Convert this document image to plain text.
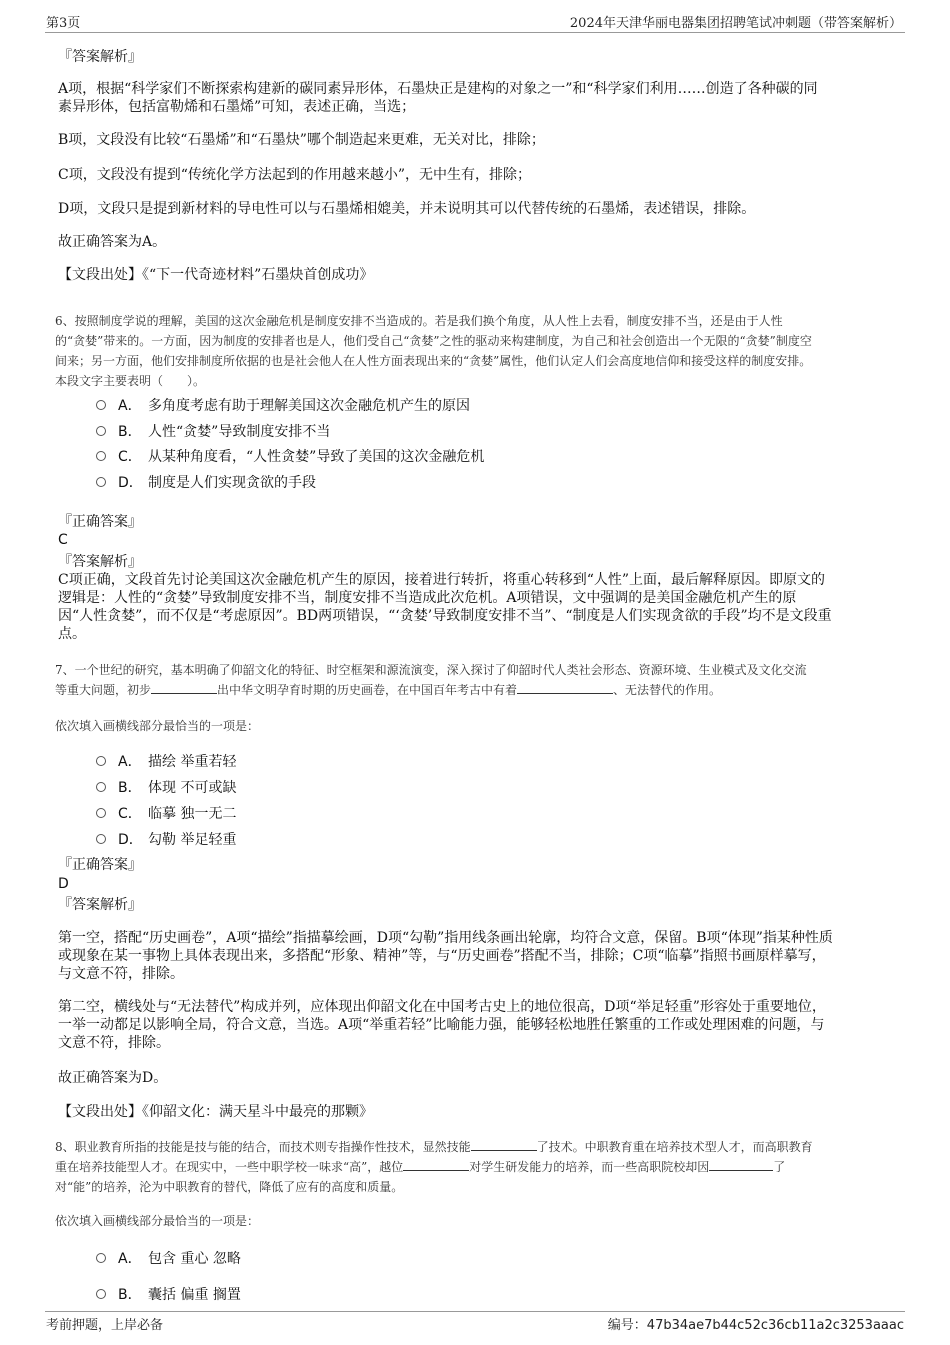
第3页	2024年天津华丽电器集团招聘笔试冲刺题（带答案解析）
『答案解析』
A项，根据“科学家们不断探索构建新的碳同素异形体，石墨炔正是建构的对象之一”和“科学家们利用……创造了各种碳的同
素异形体，包括富勒烯和石墨烯”可知，表述正确，当选；
B项，文段没有比较“石墨烯”和“石墨炔”哪个制造起来更难，无关对比，排除；
C项，文段没有提到“传统化学方法起到的作用越来越小”，无中生有，排除；
D项，文段只是提到新材料的导电性可以与石墨烯相媲美，并未说明其可以代替传统的石墨烯，表述错误，排除。
故正确答案为A。
【文段出处】《“下一代奇迹材料”石墨炔首创成功》
6、按照制度学说的理解，美国的这次金融危机是制度安排不当造成的。若是我们换个角度，从人性上去看，制度安排不当，还是由于人性
的“贪婪”带来的。一方面，因为制度的安排者也是人，他们受自己“贪婪”之性的驱动来构建制度，为自己和社会创造出一个无限的“贪婪”制度空
间来；另一方面，他们安排制度所依据的也是社会他人在人性方面表现出来的“贪婪”属性，他们认定人们会高度地信仰和接受这样的制度安排。
本段文字主要表明（　　）。
A． 多角度考虑有助于理解美国这次金融危机产生的原因
B． 人性“贪婪”导致制度安排不当
C． 从某种角度看，“人性贪婪”导致了美国的这次金融危机
D． 制度是人们实现贪欲的手段
『正确答案』
C
『答案解析』
C项正确，文段首先讨论美国这次金融危机产生的原因，接着进行转折，将重心转移到“人性”上面，最后解释原因。即原文的
逻辑是：人性的“贪婪”导致制度安排不当，制度安排不当造成此次危机。A项错误，文中强调的是美国金融危机产生的原
因“人性贪婪”，而不仅是“考虑原因”。BD两项错误，“‘贪婪’导致制度安排不当”、“制度是人们实现贪欲的手段”均不是文段重
点。
7、一个世纪的研究，基本明确了仰韶文化的特征、时空框架和源流演变，深入探讨了仰韶时代人类社会形态、资源环境、生业模式及文化交流
等重大问题，初步	出中华文明孕育时期的历史画卷，在中国百年考古中有着	、无法替代的作用。
依次填入画横线部分最恰当的一项是：
A． 描绘 举重若轻
B． 体现 不可或缺
C． 临摹 独一无二
D． 勾勒 举足轻重
『正确答案』
D
『答案解析』
第一空，搭配“历史画卷”，A项“描绘”指描摹绘画，D项“勾勒”指用线条画出轮廓，均符合文意，保留。B项“体现”指某种性质
或现象在某一事物上具体表现出来，多搭配“形象、精神”等，与“历史画卷”搭配不当，排除；C项“临摹”指照书画原样摹写，
与文意不符，排除。
第二空，横线处与“无法替代”构成并列，应体现出仰韶文化在中国考古史上的地位很高，D项“举足轻重”形容处于重要地位，
一举一动都足以影响全局，符合文意，当选。A项“举重若轻”比喻能力强，能够轻松地胜任繁重的工作或处理困难的问题，与
文意不符，排除。
故正确答案为D。
【文段出处】《仰韶文化：满天星斗中最亮的那颗》
8、职业教育所指的技能是技与能的结合，而技术则专指操作性技术，显然技能	了技术。中职教育重在培养技术型人才，而高职教育
重在培养技能型人才。在现实中，一些中职学校一味求“高”，越位	对学生研发能力的培养，而一些高职院校却因	了
对“能”的培养，沦为中职教育的替代，降低了应有的高度和质量。
依次填入画横线部分最恰当的一项是：
A． 包含 重心 忽略
B． 囊括 偏重 搁置
考前押题，上岸必备	编号：47b34ae7b44c52c36cb11a2c3253aaac
